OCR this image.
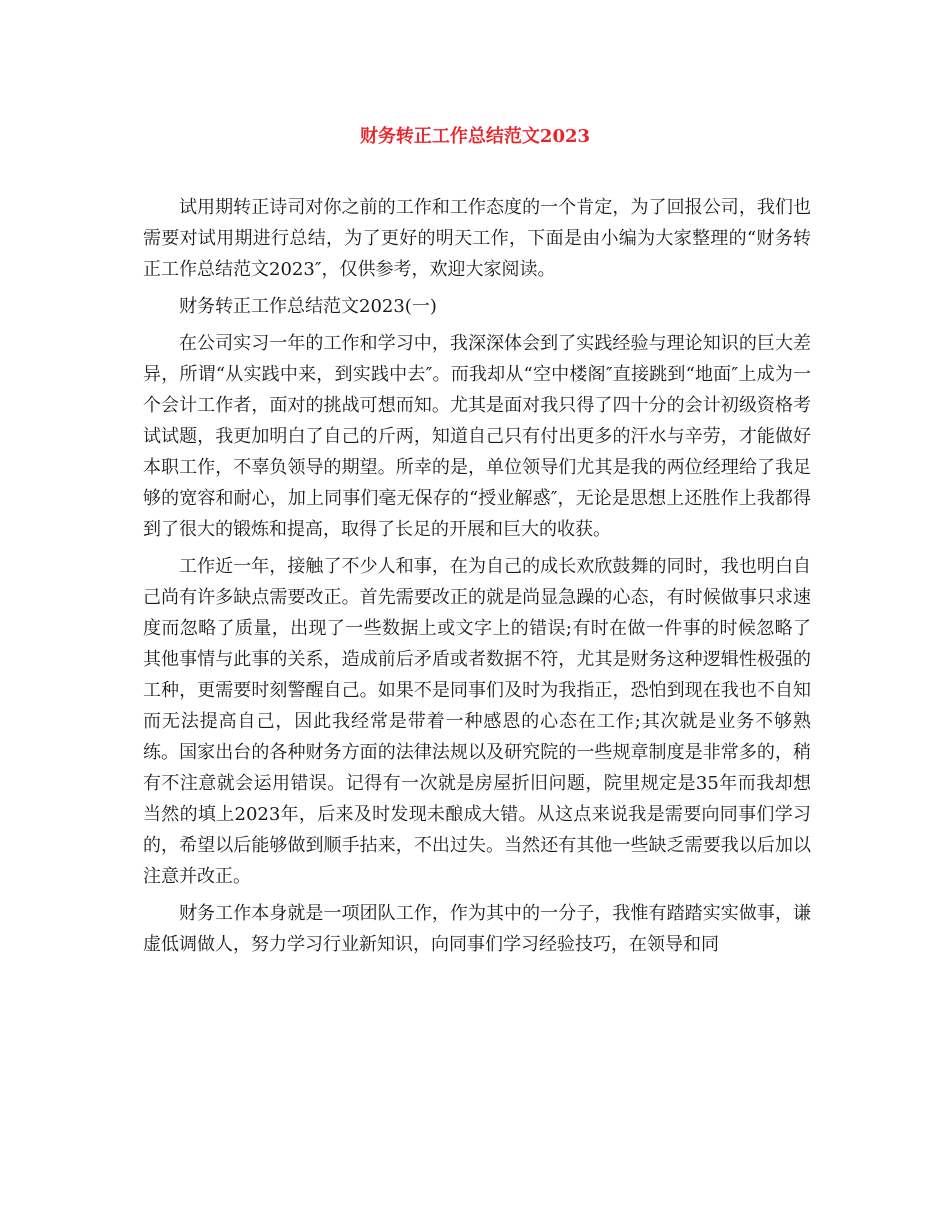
财务转正工作总结范文2023

试用期转正诗司对你之前的工作和工作态度的一个肯定，为了回报公司，我们也需要对试用期进行总结，为了更好的明天工作，下面是由小编为大家整理的“财务转正工作总结范文2023″，仅供参考，欢迎大家阅读。

财务转正工作总结范文2023(一)

在公司实习一年的工作和学习中，我深深体会到了实践经验与理论知识的巨大差异，所谓“从实践中来，到实践中去″。而我却从“空中楼阁″直接跳到“地面″上成为一个会计工作者，面对的挑战可想而知。尤其是面对我只得了四十分的会计初级资格考试试题，我更加明白了自己的斤两，知道自己只有付出更多的汗水与辛劳，才能做好本职工作，不辜负领导的期望。所幸的是，单位领导们尤其是我的两位经理给了我足够的宽容和耐心，加上同事们毫无保存的“授业解惑″，无论是思想上还胜作上我都得到了很大的锻炼和提高，取得了长足的开展和巨大的收获。

工作近一年，接触了不少人和事，在为自己的成长欢欣鼓舞的同时，我也明白自己尚有许多缺点需要改正。首先需要改正的就是尚显急躁的心态，有时候做事只求速度而忽略了质量，出现了一些数据上或文字上的错误;有时在做一件事的时候忽略了其他事情与此事的关系，造成前后矛盾或者数据不符，尤其是财务这种逻辑性极强的工种，更需要时刻警醒自己。如果不是同事们及时为我指正，恐怕到现在我也不自知而无法提高自己，因此我经常是带着一种感恩的心态在工作;其次就是业务不够熟练。国家出台的各种财务方面的法律法规以及研究院的一些规章制度是非常多的，稍有不注意就会运用错误。记得有一次就是房屋折旧问题，院里规定是35年而我却想当然的填上2023年，后来及时发现未酿成大错。从这点来说我是需要向同事们学习的，希望以后能够做到顺手拈来，不出过失。当然还有其他一些缺乏需要我以后加以注意并改正。

财务工作本身就是一项团队工作，作为其中的一分子，我惟有踏踏实实做事，谦虚低调做人，努力学习行业新知识，向同事们学习经验技巧，在领导和同
